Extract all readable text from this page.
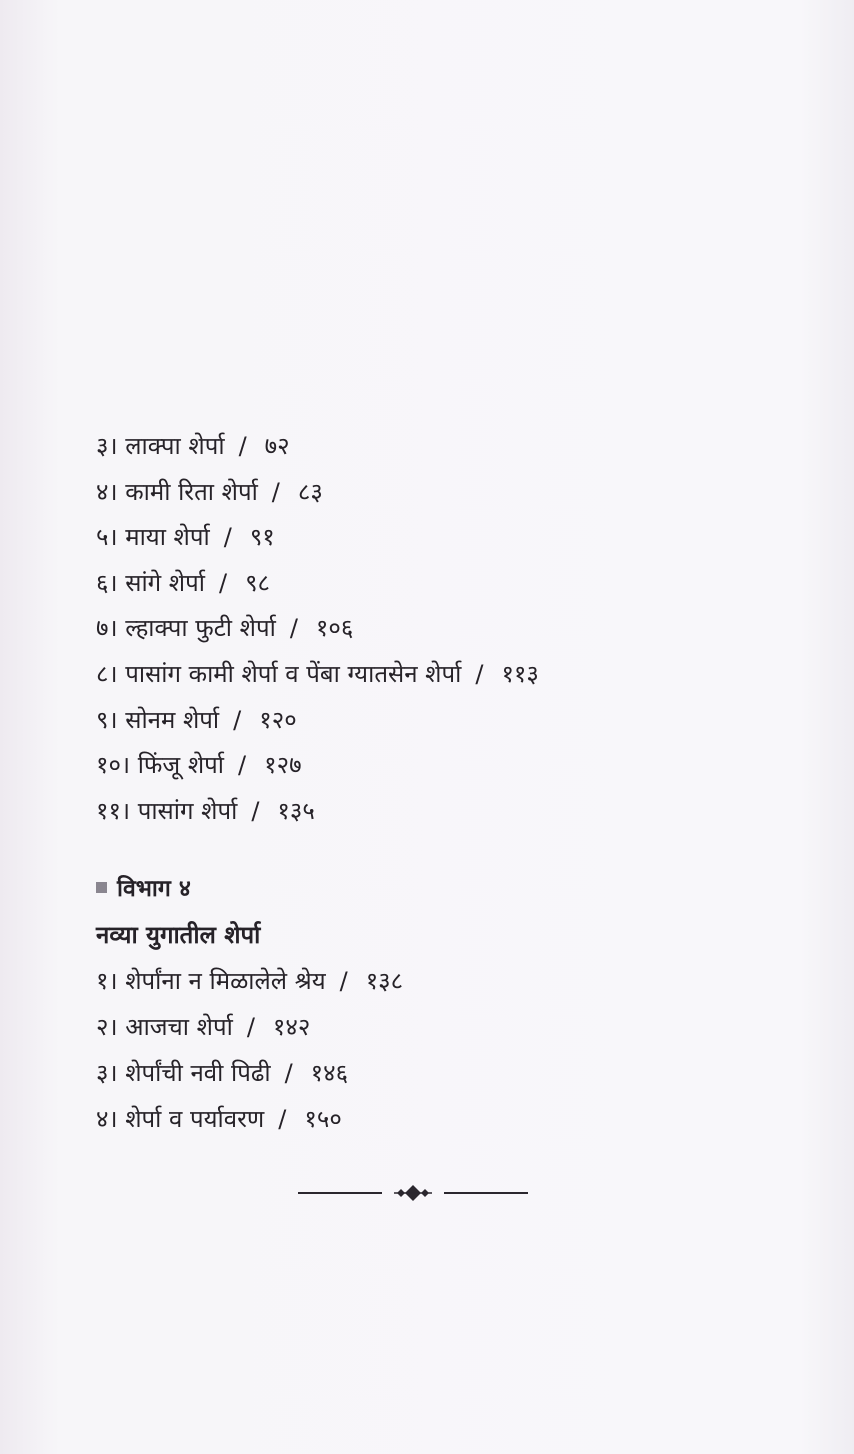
३। लाक्पा शेर्पा / ७२
४। कामी रिता शेर्पा / ८३
५। माया शेर्पा / ९१
६। सांगे शेर्पा / ९८
७। ल्हाक्पा फुटी शेर्पा / १०६
८। पासांग कामी शेर्पा व पेंबा ग्यातसेन शेर्पा / ११३
९। सोनम शेर्पा / १२०
१०। फिंजू शेर्पा / १२७
११। पासांग शेर्पा / १३५
विभाग ४
नव्या युगातील शेर्पा
१। शेर्पांना न मिळालेले श्रेय / १३८
२। आजचा शेर्पा / १४२
३। शेर्पांची नवी पिढी / १४६
४। शेर्पा व पर्यावरण / १५०
